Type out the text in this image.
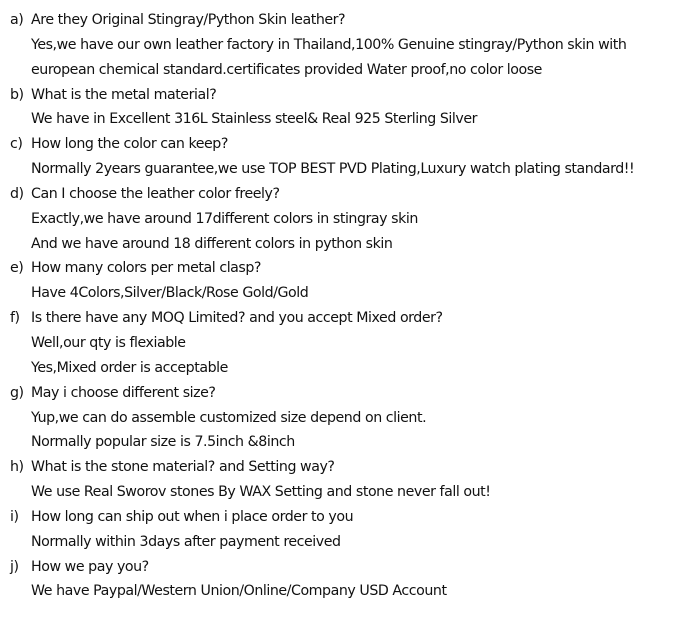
a) Are they Original Stingray/Python Skin leather?
Yes,we have our own leather factory in Thailand,100% Genuine stingray/Python skin with
european chemical standard.certificates provided Water proof,no color loose
b) What is the metal material?
We have in Excellent 316L Stainless steel& Real 925 Sterling Silver
c) How long the color can keep?
Normally 2years guarantee,we use TOP BEST PVD Plating,Luxury watch plating standard!!
d) Can I choose the leather color freely?
Exactly,we have around 17different colors in stingray skin
And we have around 18 different colors in python skin
e) How many colors per metal clasp?
Have 4Colors,Silver/Black/Rose Gold/Gold
f) Is there have any MOQ Limited? and you accept Mixed order?
Well,our qty is flexiable
Yes,Mixed order is acceptable
g) May i choose different size?
Yup,we can do assemble customized size depend on client.
Normally popular size is 7.5inch &8inch
h) What is the stone material? and Setting way?
We use Real Sworov stones By WAX Setting and stone never fall out!
i) How long can ship out when i place order to you
Normally within 3days after payment received
j) How we pay you?
We have Paypal/Western Union/Online/Company USD Account
